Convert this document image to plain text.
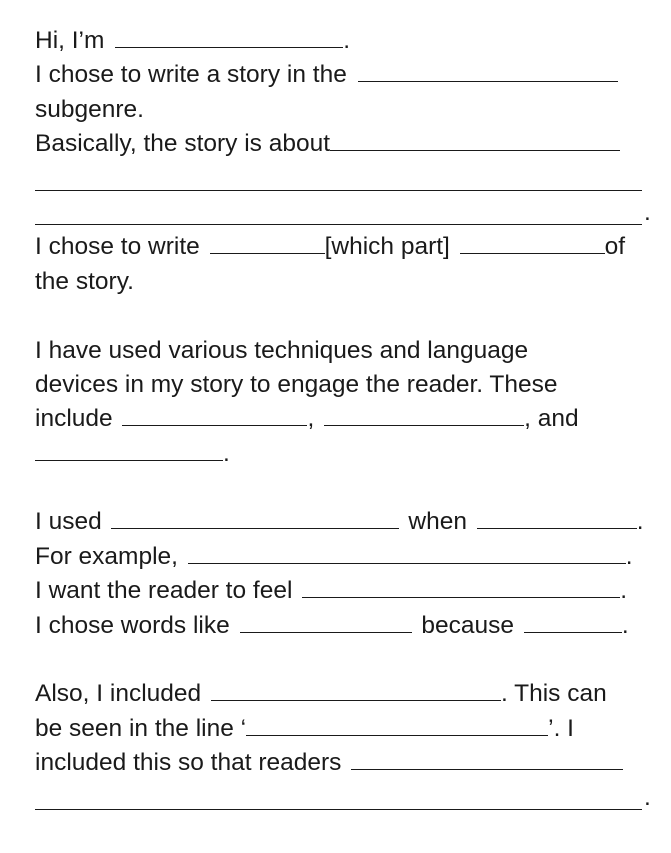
Hi, I’m	.
I chose to write a story in the
subgenre.
Basically, the story is about
.
I chose to write	[which part]	of
the story.
I have used various techniques and language
devices in my story to engage the reader. These
include	,	, and
.
I used	when	.
For example,	.
I want the reader to feel	.
I chose words like	because	.
Also, I included	. This can
be seen in the line ‘	’. I
included this so that readers
.
